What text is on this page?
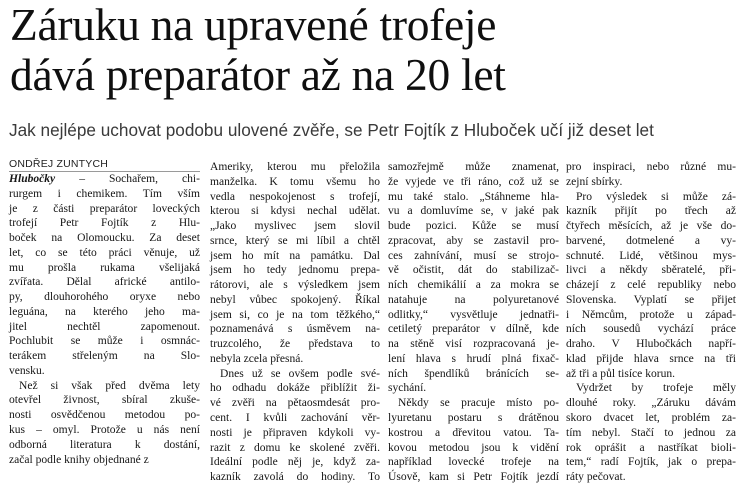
Záruku na upravené trofeje
dává preparátor až na 20 let
Jak nejlépe uchovat podobu ulovené zvěře, se Petr Fojtík z Hluboček učí již deset let
ONDŘEJ ZUNTYCH
Hlubočky – Sochařem, chi-
rurgem i chemikem. Tím vším
je z části preparátor loveckých
trofejí Petr Fojtík z Hlu-
boček na Olomoucku. Za deset
let, co se této práci věnuje, už
mu prošla rukama všelijaká
zvířata. Dělal africké antilo-
py, dlouhorohého oryxe nebo
leguána, na kterého jeho ma-
jitel nechtěl zapomenout.
Pochlubit se může i osmnác-
terákem střeleným na Slo-
vensku.
Než si však před dvěma lety
otevřel živnost, sbíral zkuše-
nosti osvědčenou metodou po-
kus – omyl. Protože u nás není
odborná literatura k dostání,
začal podle knihy objednané z
Ameriky, kterou mu přeložila
manželka. K tomu všemu ho
vedla nespokojenost s trofejí,
kterou si kdysi nechal udělat.
„Jako myslivec jsem slovil
srnce, který se mi líbil a chtěl
jsem ho mít na památku. Dal
jsem ho tedy jednomu prepa-
rátorovi, ale s výsledkem jsem
nebyl vůbec spokojený. Říkal
jsem si, co je na tom těžkého,“
poznamenává s úsměvem na-
truzcolého, že představa to
nebyla zcela přesná.
Dnes už se ovšem podle své-
ho odhadu dokáže přiblížit ži-
vé zvěři na pětaosmdesát pro-
cent. I kvůli zachování věr-
nosti je připraven kdykoli vy-
razit z domu ke skolené zvěři.
Ideální podle něj je, když za-
kazník zavolá do hodiny. To
samozřejmě může znamenat,
že vyjede ve tři ráno, což už se
mu také stalo. „Stáhneme hla-
vu a domluvíme se, v jaké pak
bude pozici. Kůže se musí
zpracovat, aby se zastavil pro-
ces zahnívání, musí se strojo-
vě očistit, dát do stabilizač-
ních chemikálií a za mokra se
natahuje na polyuretanové
odlitky,“ vysvětluje jednatři-
cetiletý preparátor v dílně, kde
na stěně visí rozpracovaná je-
lení hlava s hrudí plná fixač-
ních špendlíků bránících se-
sychání.
Někdy se pracuje místo po-
lyuretanu postaru s drátěnou
kostrou a dřevitou vatou. Ta-
kovou metodou jsou k vidění
například lovecké trofeje na
Úsově, kam si Petr Fojtík jezdí
pro inspiraci, nebo různé mu-
zejní sbírky.
Pro výsledek si může zá-
kazník přijít po třech až
čtyřech měsících, až je vše do-
barvené, dotmelené a vy-
schnuté. Lidé, většinou mys-
livci a někdy sběratelé, při-
cházejí z celé republiky nebo
Slovenska. Vyplatí se přijet
i Němcům, protože u západ-
ních sousedů vychází práce
draho. V Hlubočkách napří-
klad přijde hlava srnce na tři
až tři a půl tisíce korun.
Vydržet by trofeje měly
dlouhé roky. „Záruku dávám
skoro dvacet let, problém za-
tím nebyl. Stačí to jednou za
rok oprášit a nastříkat bioli-
tem,“ radí Fojtík, jak o prepa-
ráty pečovat.
